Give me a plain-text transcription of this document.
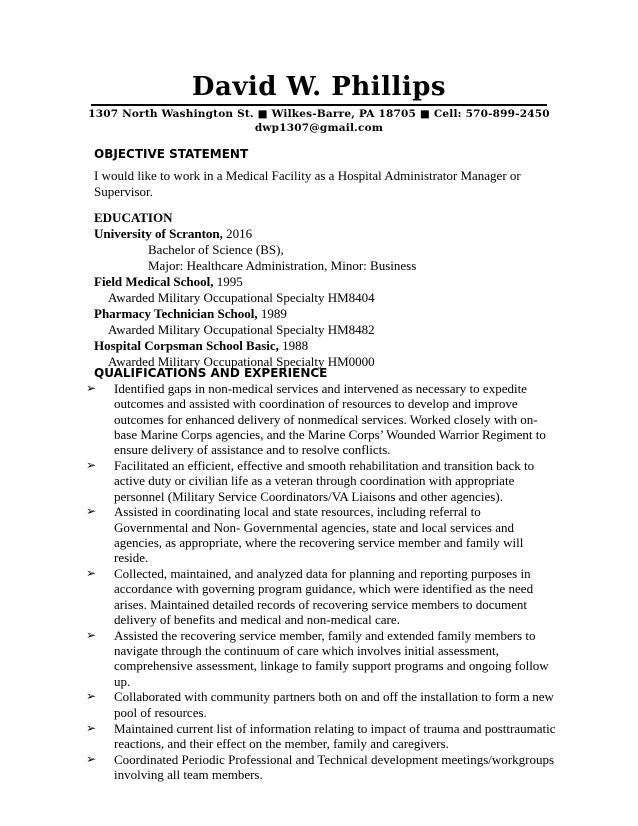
David W. Phillips
1307 North Washington St. ■ Wilkes-Barre, PA 18705 ■ Cell: 570-899-2450
dwp1307@gmail.com
OBJECTIVE STATEMENT
I would like to work in a Medical Facility as a Hospital Administrator Manager or Supervisor.
EDUCATION
University of Scranton, 2016
Bachelor of Science (BS),
Major: Healthcare Administration, Minor: Business
Field Medical School, 1995
Awarded Military Occupational Specialty HM8404
Pharmacy Technician School, 1989
Awarded Military Occupational Specialty HM8482
Hospital Corpsman School Basic, 1988
Awarded Military Occupational Specialty HM0000
QUALIFICATIONS AND EXPERIENCE
➢ Identified gaps in non-medical services and intervened as necessary to expedite outcomes and assisted with coordination of resources to develop and improve outcomes for enhanced delivery of nonmedical services. Worked closely with on-base Marine Corps agencies, and the Marine Corps’ Wounded Warrior Regiment to ensure delivery of assistance and to resolve conflicts.
➢ Facilitated an efficient, effective and smooth rehabilitation and transition back to active duty or civilian life as a veteran through coordination with appropriate personnel (Military Service Coordinators/VA Liaisons and other agencies).
➢ Assisted in coordinating local and state resources, including referral to Governmental and Non- Governmental agencies, state and local services and agencies, as appropriate, where the recovering service member and family will reside.
➢ Collected, maintained, and analyzed data for planning and reporting purposes in accordance with governing program guidance, which were identified as the need arises. Maintained detailed records of recovering service members to document delivery of benefits and medical and non-medical care.
➢ Assisted the recovering service member, family and extended family members to navigate through the continuum of care which involves initial assessment, comprehensive assessment, linkage to family support programs and ongoing follow up.
➢ Collaborated with community partners both on and off the installation to form a new pool of resources.
➢ Maintained current list of information relating to impact of trauma and posttraumatic reactions, and their effect on the member, family and caregivers.
➢ Coordinated Periodic Professional and Technical development meetings/workgroups involving all team members.
